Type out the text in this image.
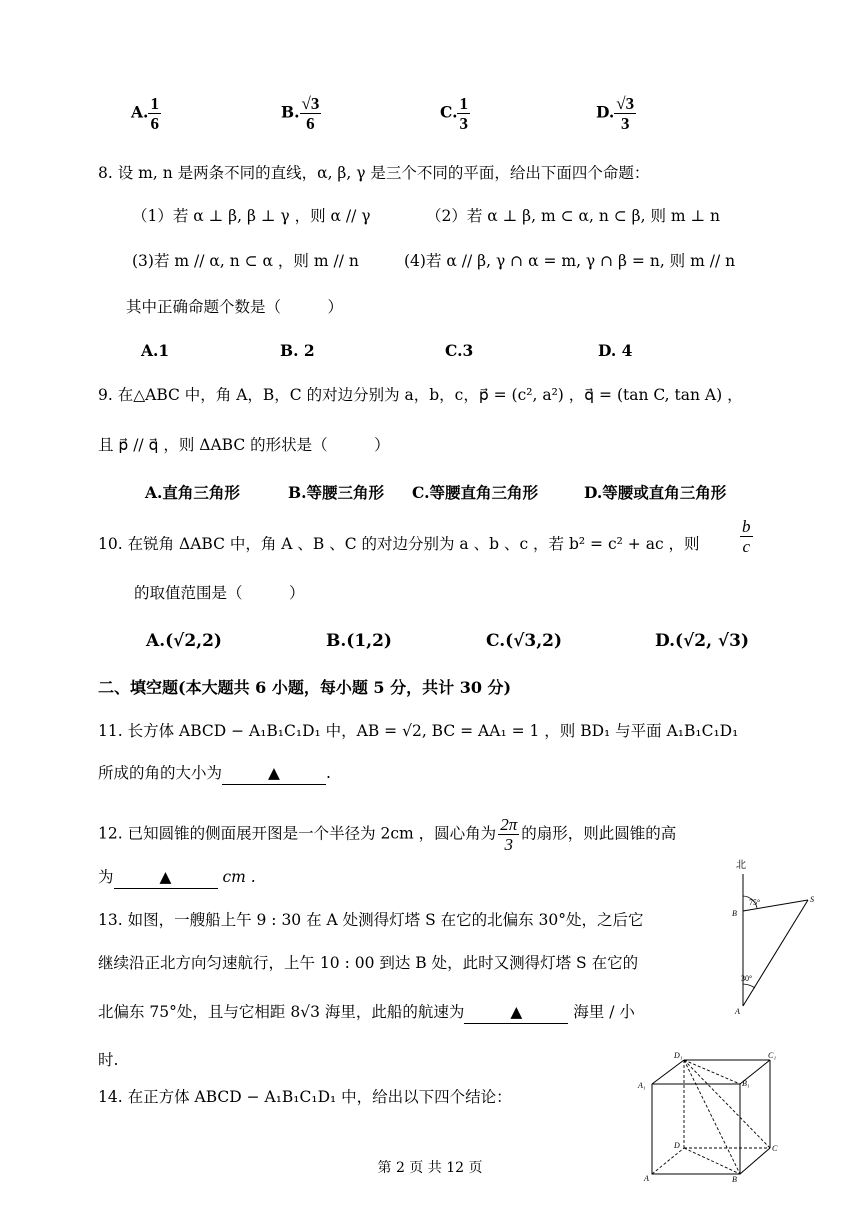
A. $\frac{1}{6}$	B. $\frac{√3}{6}$	C. $\frac{1}{3}$	D. $\frac{√3}{3}$
8. 设 m, n 是两条不同的直线，α, β, γ 是三个不同的平面，给出下面四个命题：
（1）若 α ⊥ β, β ⊥ γ ，则 α // γ	（2）若 α ⊥ β, m ⊂ α, n ⊂ β, 则 m ⊥ n
(3)若 m // α, n ⊂ α ，则 m // n	(4)若 α // β, γ ∩ α = m, γ ∩ β = n, 则 m // n
其中正确命题个数是（　　　）
A.1	B. 2	C.3	D. 4
9. 在△ABC 中，角 A，B，C 的对边分别为 a，b，c，p⃗ = (c², a²) ，q⃗ = (tan C, tan A) ，
且 p⃗ // q⃗ ，则 ΔABC 的形状是（　　　）
A.直角三角形	B.等腰三角形 C.等腰直角三角形	D.等腰或直角三角形
10. 在锐角 ΔABC 中，角 A 、B 、C 的对边分别为 a 、b 、c ，若 b² = c² + ac ，则 $\frac{b}{c}$
的取值范围是（　　　）
A.(√2,2)	B.(1,2)	C.(√3,2)	D.(√2, √3)
二、填空题(本大题共 6 小题，每小题 5 分，共计 30 分)
11. 长方体 ABCD − A₁B₁C₁D₁ 中，AB = √2, BC = AA₁ = 1 ，则 BD₁ 与平面 A₁B₁C₁D₁
所成的角的大小为	▲	.
12. 已知圆锥的侧面展开图是一个半径为 2cm ，圆心角为 $\frac{2\pi}{3}$ 的扇形，则此圆锥的高
为	▲	cm .
13. 如图，一艘船上午 9 : 30 在 A 处测得灯塔 S 在它的北偏东 30°处，之后它
继续沿正北方向匀速航行，上午 10 : 00 到达 B 处，此时又测得灯塔 S 在它的
北偏东 75°处，且与它相距 8√3 海里，此船的航速为	▲	海里 / 小
时.
14. 在正方体 ABCD − A₁B₁C₁D₁ 中，给出以下四个结论：
北
75°
30°
B
A
S
D₁	C₁
A₁	B₁
D	C
A	B
第 2 页 共 12 页
